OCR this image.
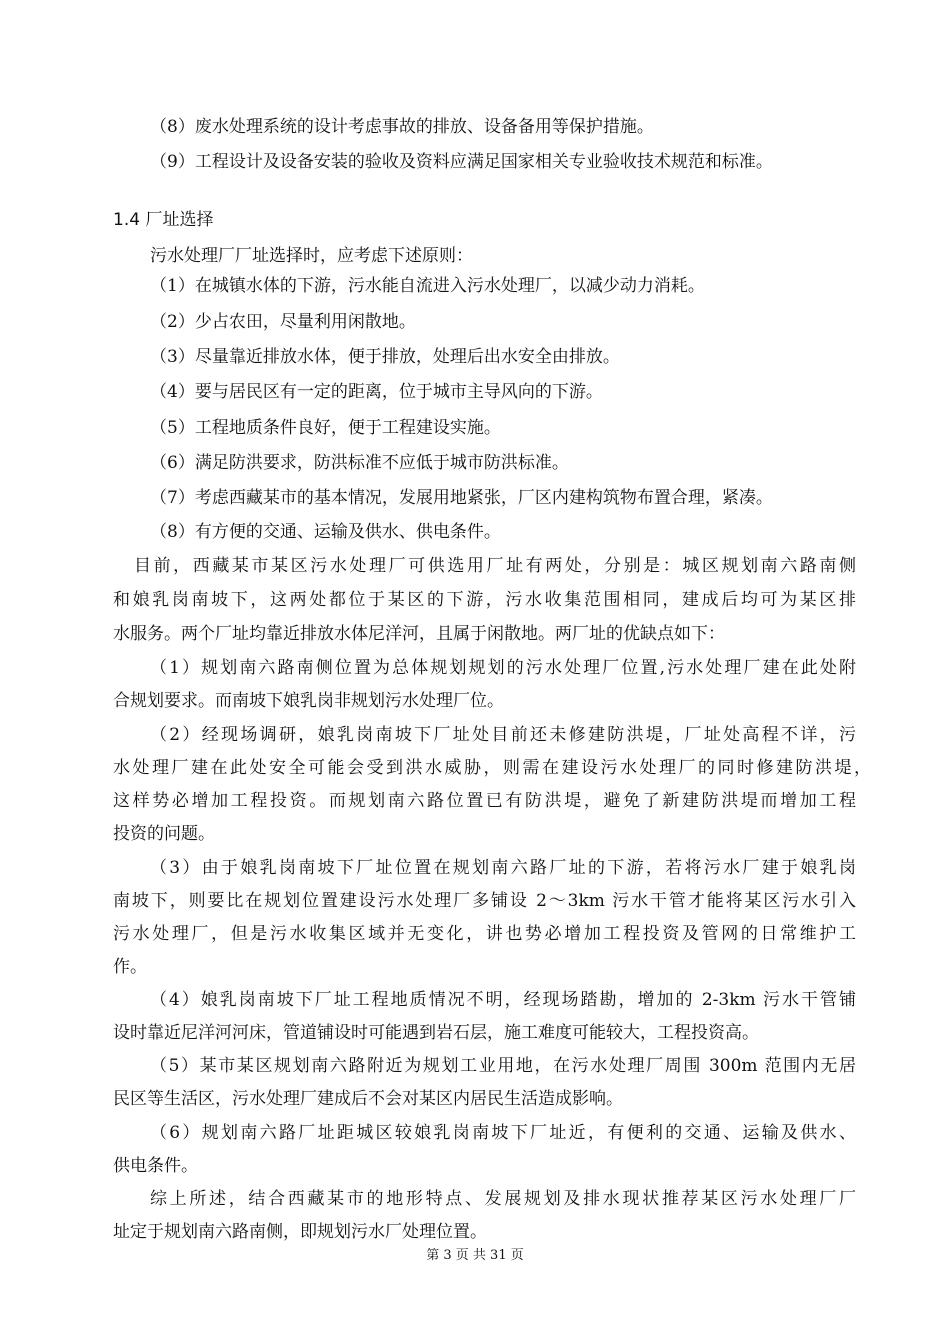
（8）废水处理系统的设计考虑事故的排放、设备备用等保护措施。
（9）工程设计及设备安装的验收及资料应满足国家相关专业验收技术规范和标准。
1.4 厂址选择
污水处理厂厂址选择时，应考虑下述原则：
（1）在城镇水体的下游，污水能自流进入污水处理厂，以减少动力消耗。
（2）少占农田，尽量利用闲散地。
（3）尽量靠近排放水体，便于排放，处理后出水安全由排放。
（4）要与居民区有一定的距离，位于城市主导风向的下游。
（5）工程地质条件良好，便于工程建设实施。
（6）满足防洪要求，防洪标准不应低于城市防洪标准。
（7）考虑西藏某市的基本情况，发展用地紧张，厂区内建构筑物布置合理，紧凑。
（8）有方便的交通、运输及供水、供电条件。
目前，西藏某市某区污水处理厂可供选用厂址有两处，分别是：城区规划南六路南侧
和娘乳岗南坡下，这两处都位于某区的下游，污水收集范围相同，建成后均可为某区排
水服务。两个厂址均靠近排放水体尼洋河，且属于闲散地。两厂址的优缺点如下：
（1）规划南六路南侧位置为总体规划规划的污水处理厂位置,污水处理厂建在此处附
合规划要求。而南坡下娘乳岗非规划污水处理厂位。
（2）经现场调研，娘乳岗南坡下厂址处目前还未修建防洪堤，厂址处高程不详，污
水处理厂建在此处安全可能会受到洪水威胁，则需在建设污水处理厂的同时修建防洪堤，
这样势必增加工程投资。而规划南六路位置已有防洪堤，避免了新建防洪堤而增加工程
投资的问题。
（3）由于娘乳岗南坡下厂址位置在规划南六路厂址的下游，若将污水厂建于娘乳岗
南坡下，则要比在规划位置建设污水处理厂多铺设 2～3km 污水干管才能将某区污水引入
污水处理厂，但是污水收集区域并无变化，讲也势必增加工程投资及管网的日常维护工
作。
（4）娘乳岗南坡下厂址工程地质情况不明，经现场踏勘，增加的 2-3km 污水干管铺
设时靠近尼洋河河床，管道铺设时可能遇到岩石层，施工难度可能较大，工程投资高。
（5）某市某区规划南六路附近为规划工业用地，在污水处理厂周围 300m 范围内无居
民区等生活区，污水处理厂建成后不会对某区内居民生活造成影响。
（6）规划南六路厂址距城区较娘乳岗南坡下厂址近，有便利的交通、运输及供水、
供电条件。
综上所述，结合西藏某市的地形特点、发展规划及排水现状推荐某区污水处理厂厂
址定于规划南六路南侧，即规划污水厂处理位置。
第 3 页 共 31 页
